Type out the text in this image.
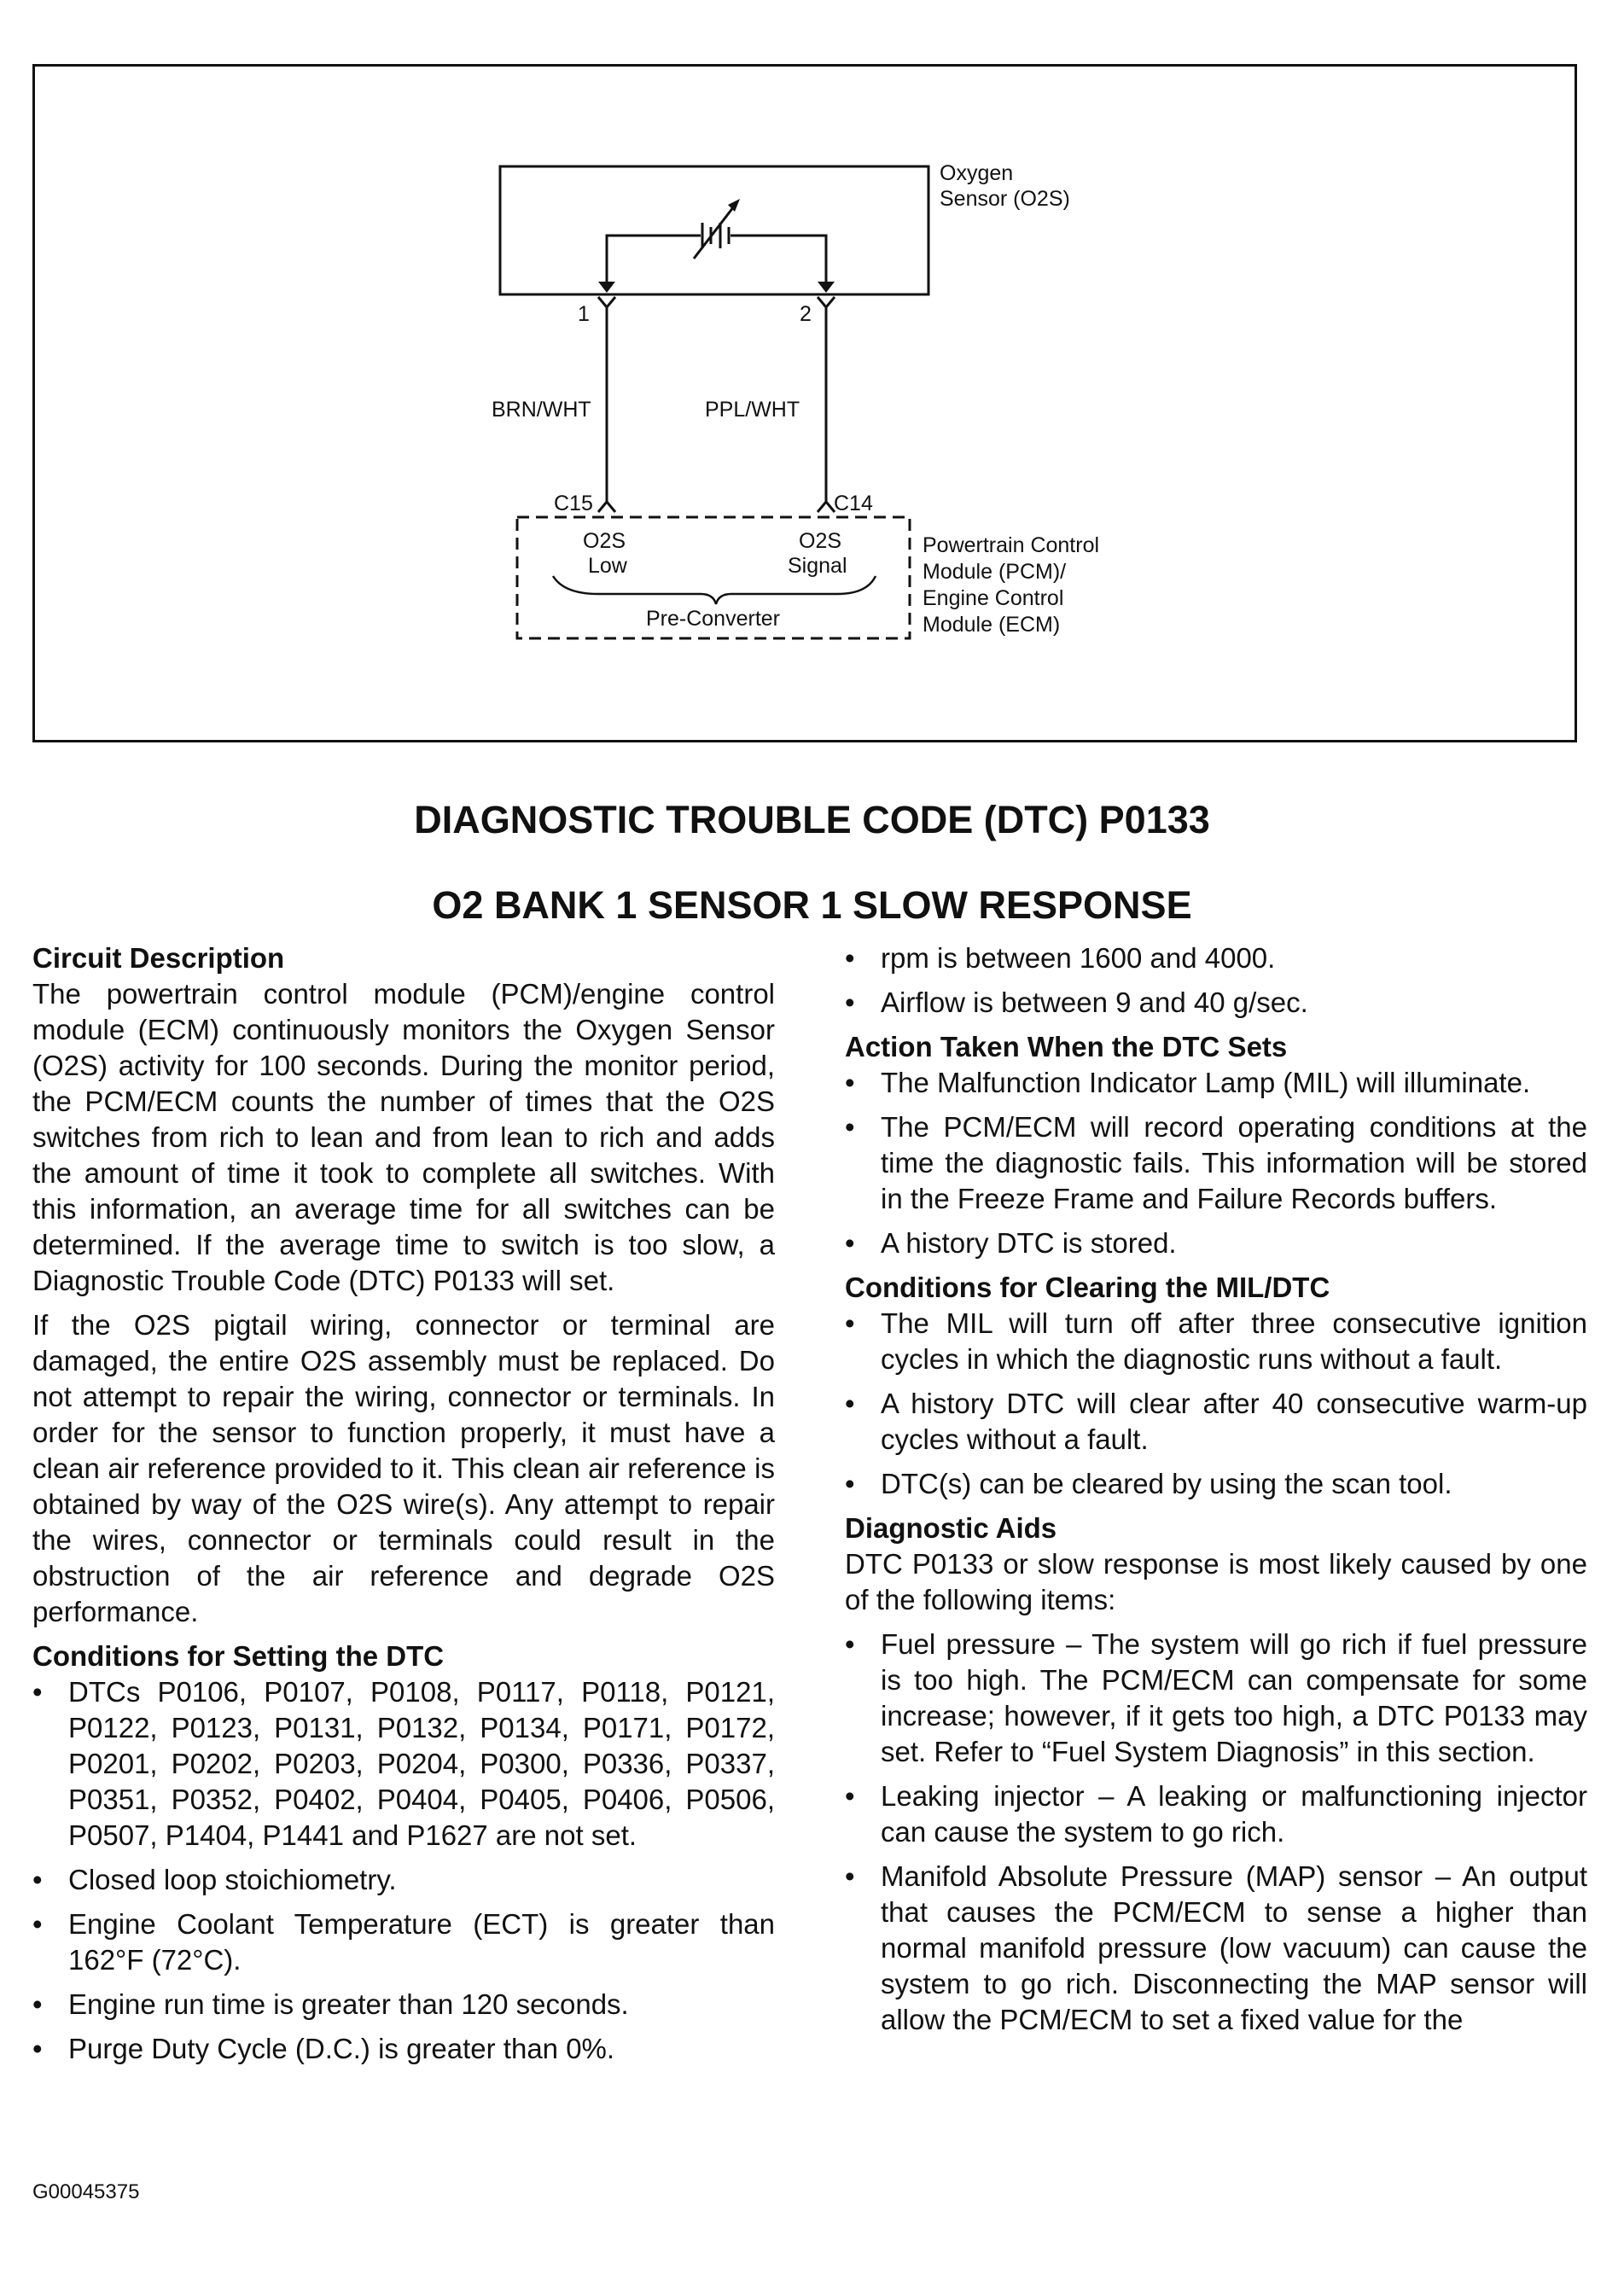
Oxygen
Sensor (O2S)
1	2
BRN/WHT	PPL/WHT
C15	C14
O2S
Low
O2S
Signal
Pre-Converter
Powertrain Control
Module (PCM)/
Engine Control
Module (ECM)
DIAGNOSTIC TROUBLE CODE (DTC) P0133
O2 BANK 1 SENSOR 1 SLOW RESPONSE
Circuit Description

The powertrain control module (PCM)/engine control module (ECM) continuously monitors the Oxygen Sensor (O2S) activity for 100 seconds. During the monitor period, the PCM/ECM counts the number of times that the O2S switches from rich to lean and from lean to rich and adds the amount of time it took to complete all switches. With this information, an average time for all switches can be determined. If the average time to switch is too slow, a Diagnostic Trouble Code (DTC) P0133 will set.

If the O2S pigtail wiring, connector or terminal are damaged, the entire O2S assembly must be replaced. Do not attempt to repair the wiring, connector or terminals. In order for the sensor to function properly, it must have a clean air reference provided to it. This clean air reference is obtained by way of the O2S wire(s). Any attempt to repair the wires, connector or terminals could result in the obstruction of the air reference and degrade O2S performance.

Conditions for Setting the DTC
• DTCs P0106, P0107, P0108, P0117, P0118, P0121, P0122, P0123, P0131, P0132, P0134, P0171, P0172, P0201, P0202, P0203, P0204, P0300, P0336, P0337, P0351, P0352, P0402, P0404, P0405, P0406, P0506, P0507, P1404, P1441 and P1627 are not set.
• Closed loop stoichiometry.
• Engine Coolant Temperature (ECT) is greater than 162°F (72°C).
• Engine run time is greater than 120 seconds.
• Purge Duty Cycle (D.C.) is greater than 0%.
• rpm is between 1600 and 4000.
• Airflow is between 9 and 40 g/sec.
Action Taken When the DTC Sets
• The Malfunction Indicator Lamp (MIL) will illuminate.
• The PCM/ECM will record operating conditions at the time the diagnostic fails. This information will be stored in the Freeze Frame and Failure Records buffers.
• A history DTC is stored.
Conditions for Clearing the MIL/DTC
• The MIL will turn off after three consecutive ignition cycles in which the diagnostic runs without a fault.
• A history DTC will clear after 40 consecutive warm-up cycles without a fault.
• DTC(s) can be cleared by using the scan tool.
Diagnostic Aids

DTC P0133 or slow response is most likely caused by one of the following items:

• Fuel pressure – The system will go rich if fuel pressure is too high. The PCM/ECM can compensate for some increase; however, if it gets too high, a DTC P0133 may set. Refer to “Fuel System Diagnosis” in this section.
• Leaking injector – A leaking or malfunctioning injector can cause the system to go rich.
• Manifold Absolute Pressure (MAP) sensor – An output that causes the PCM/ECM to sense a higher than normal manifold pressure (low vacuum) can cause the system to go rich. Disconnecting the MAP sensor will allow the PCM/ECM to set a fixed value for the
G00045375
